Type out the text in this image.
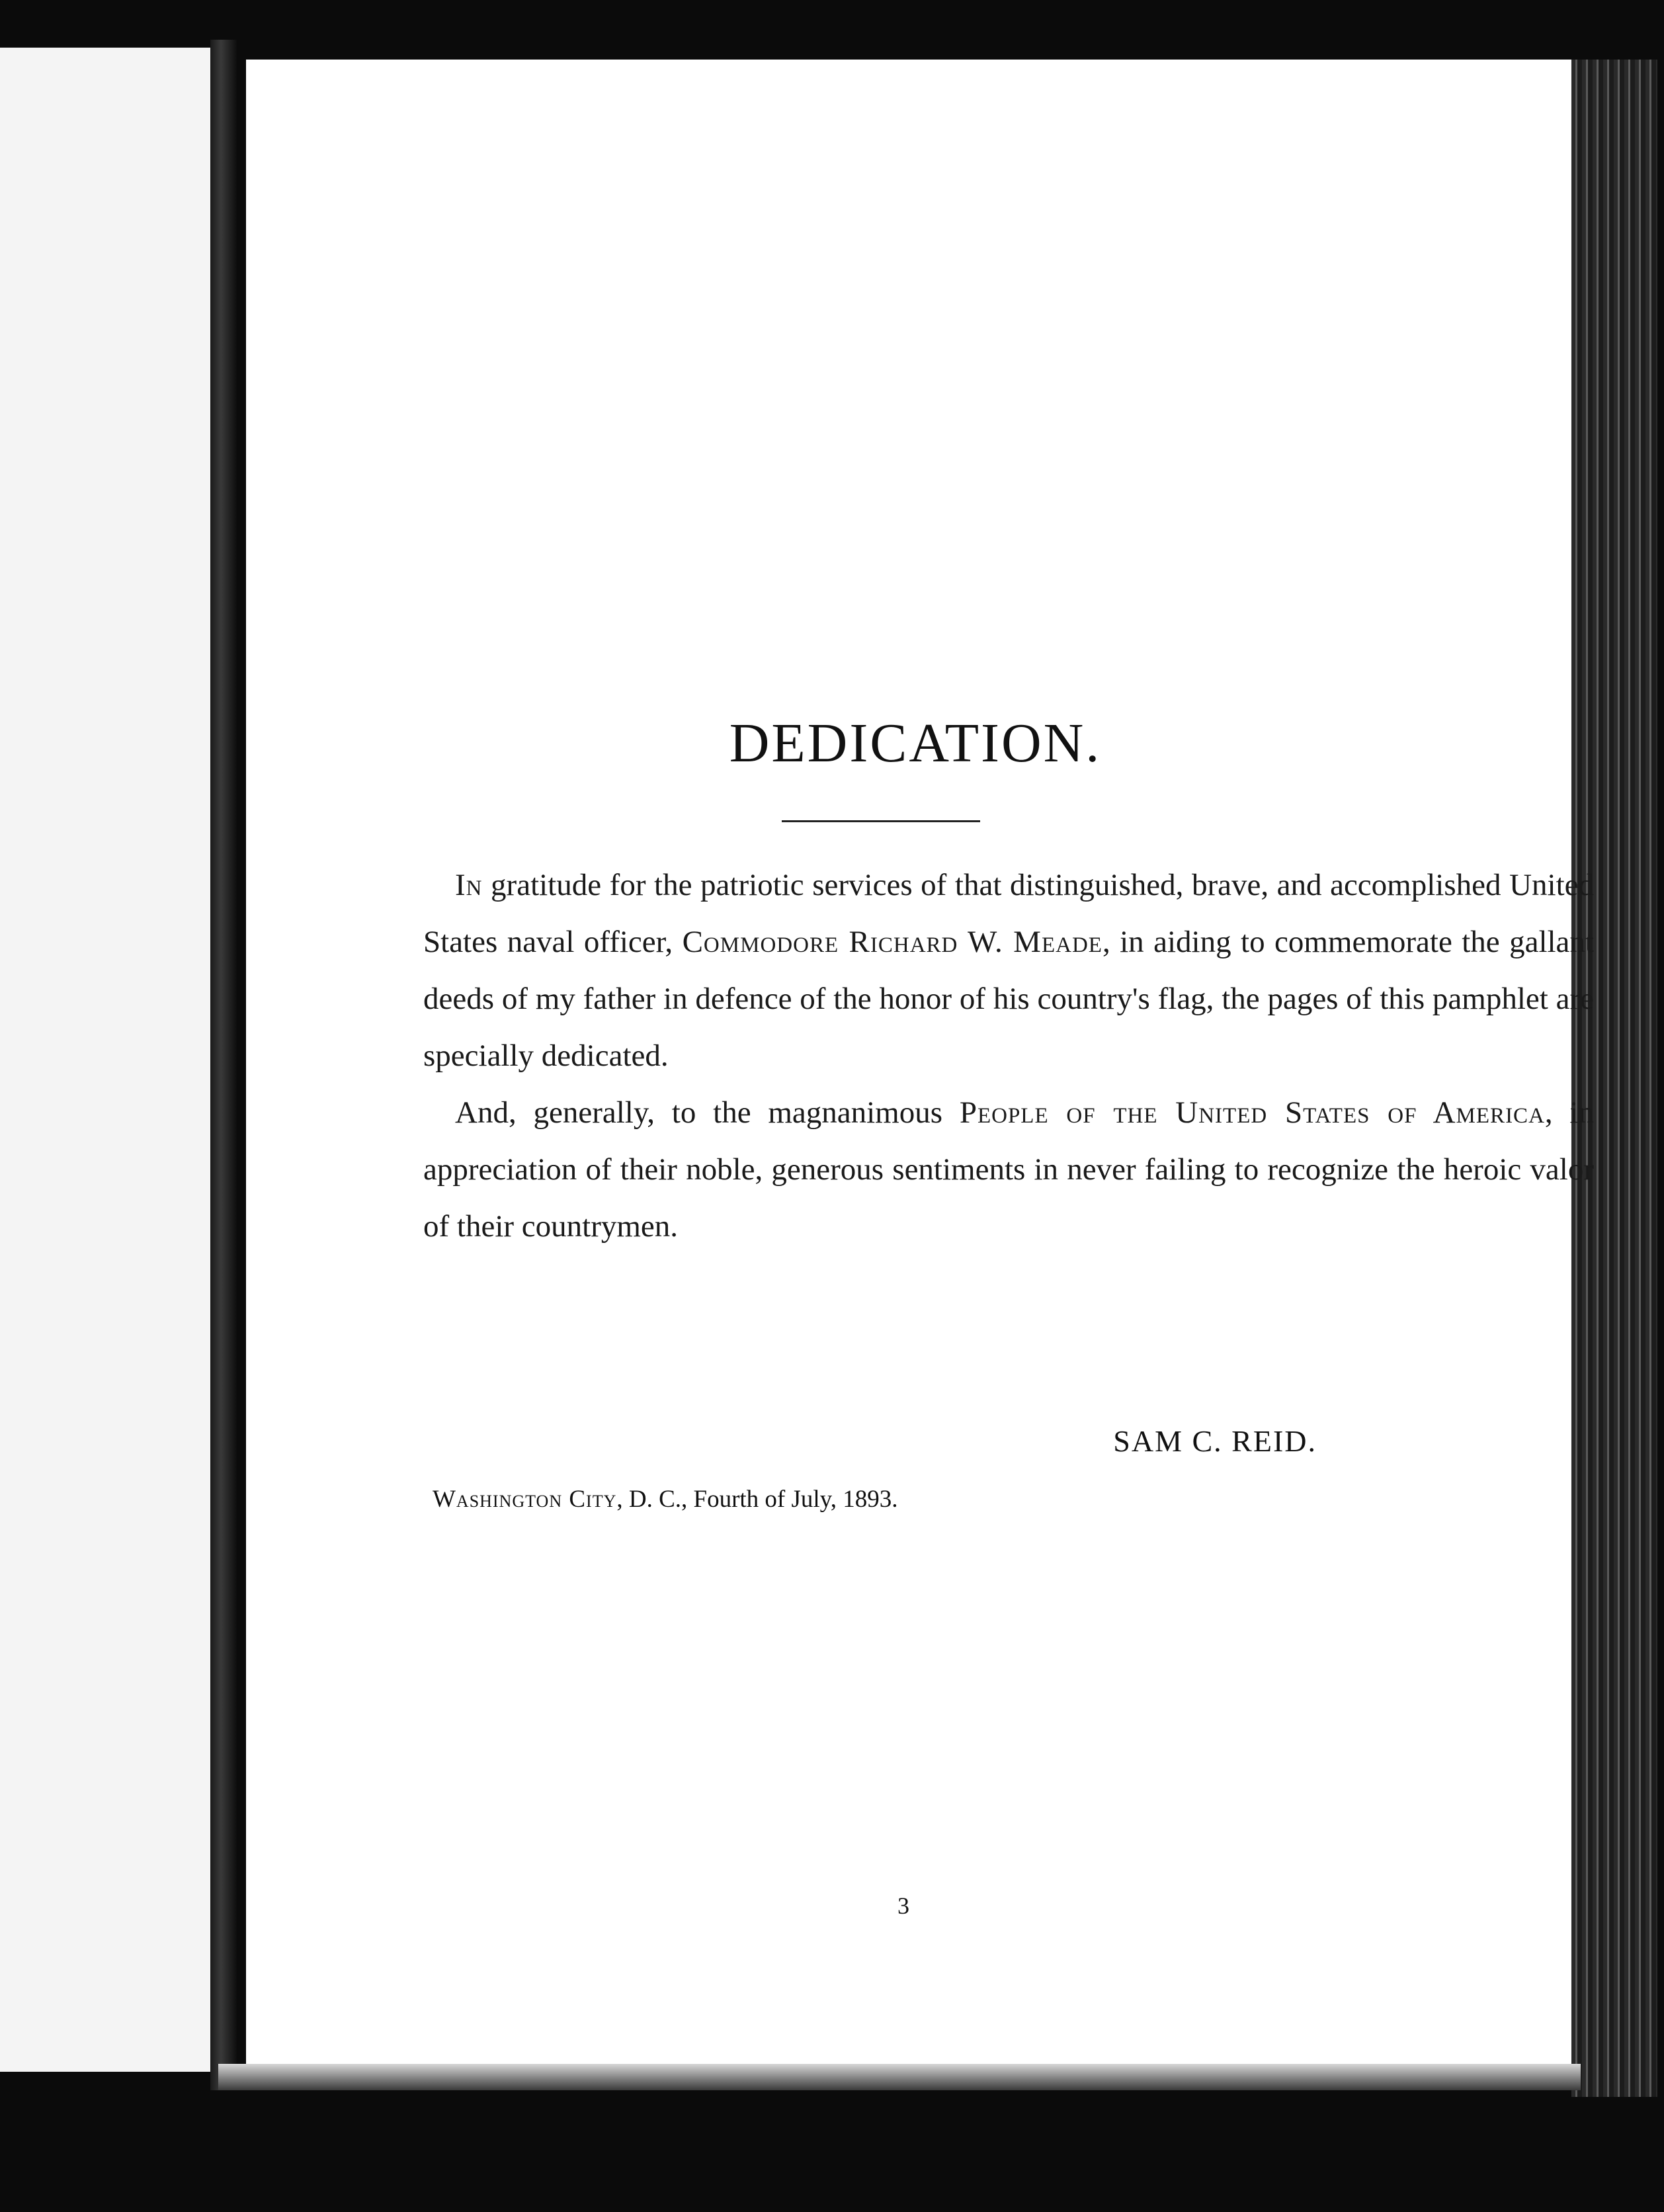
DEDICATION.

In gratitude for the patriotic services of that distinguished, brave, and accomplished United States naval officer, Commodore Richard W. Meade, in aiding to commemorate the gallant deeds of my father in defence of the honor of his country's flag, the pages of this pamphlet are specially dedicated.

And, generally, to the magnanimous People of the United States of America, in appreciation of their noble, generous sentiments in never failing to recognize the heroic valor of their countrymen.

SAM C. REID.
Washington City, D. C., Fourth of July, 1893.
3
